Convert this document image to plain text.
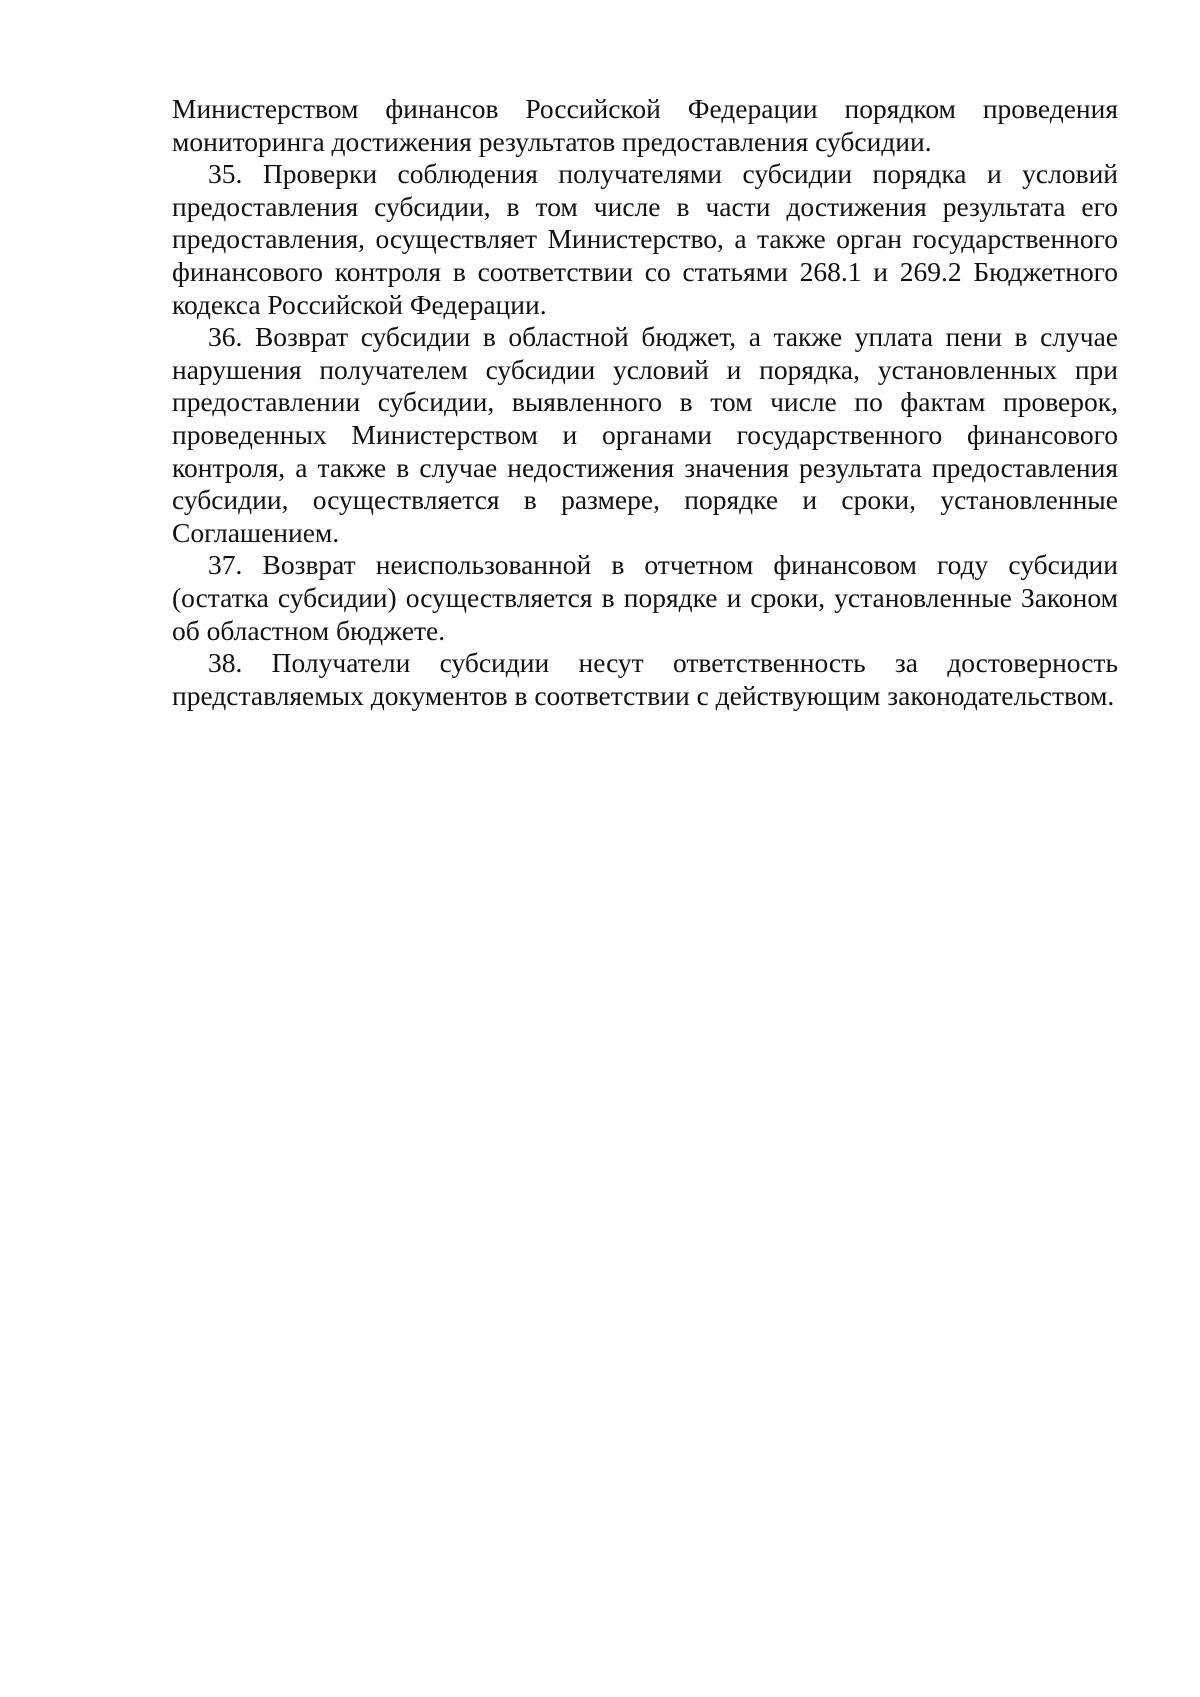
Министерством финансов Российской Федерации порядком проведения мониторинга достижения результатов предоставления субсидии.

35. Проверки соблюдения получателями субсидии порядка и условий предоставления субсидии, в том числе в части достижения результата его предоставления, осуществляет Министерство, а также орган государственного финансового контроля в соответствии со статьями 268.1 и 269.2 Бюджетного кодекса Российской Федерации.

36. Возврат субсидии в областной бюджет, а также уплата пени в случае нарушения получателем субсидии условий и порядка, установленных при предоставлении субсидии, выявленного в том числе по фактам проверок, проведенных Министерством и органами государственного финансового контроля, а также в случае недостижения значения результата предоставления субсидии, осуществляется в размере, порядке и сроки, установленные Соглашением.

37. Возврат неиспользованной в отчетном финансовом году субсидии (остатка субсидии) осуществляется в порядке и сроки, установленные Законом об областном бюджете.

38. Получатели субсидии несут ответственность за достоверность представляемых документов в соответствии с действующим законодательством.
